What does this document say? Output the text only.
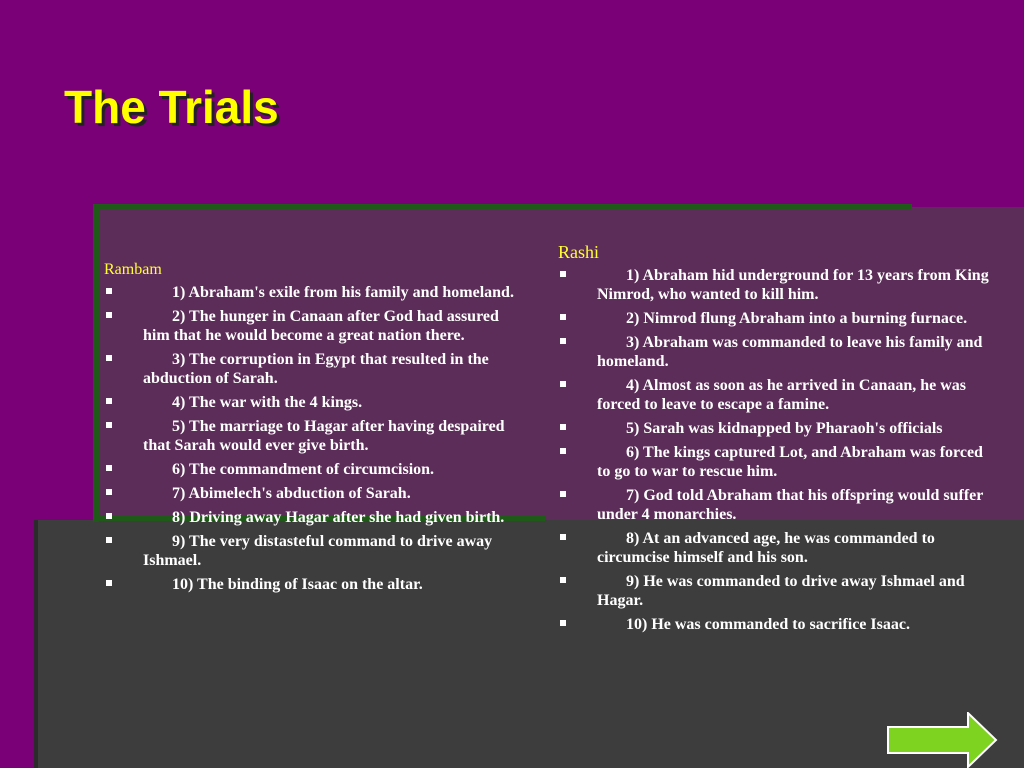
The Trials
Rambam
1) Abraham's exile from his family and homeland.
2) The hunger in Canaan after God had assured him that he would become a great nation there.
3) The corruption in Egypt that resulted in the abduction of Sarah.
4) The war with the 4 kings.
5) The marriage to Hagar after having despaired that Sarah would ever give birth.
6) The commandment of circumcision.
7) Abimelech's abduction of Sarah.
8) Driving away Hagar after she had given birth.
9) The very distasteful command to drive away Ishmael.
10) The binding of Isaac on the altar.
Rashi
1) Abraham hid underground for 13 years from King Nimrod, who wanted to kill him.
2) Nimrod flung Abraham into a burning furnace.
3) Abraham was commanded to leave his family and homeland.
4) Almost as soon as he arrived in Canaan, he was forced to leave to escape a famine.
5) Sarah was kidnapped by Pharaoh's officials
6) The kings captured Lot, and Abraham was forced to go to war to rescue him.
7) God told Abraham that his offspring would suffer under 4 monarchies.
8) At an advanced age, he was commanded to circumcise himself and his son.
9) He was commanded to drive away Ishmael and Hagar.
10) He was commanded to sacrifice Isaac.
